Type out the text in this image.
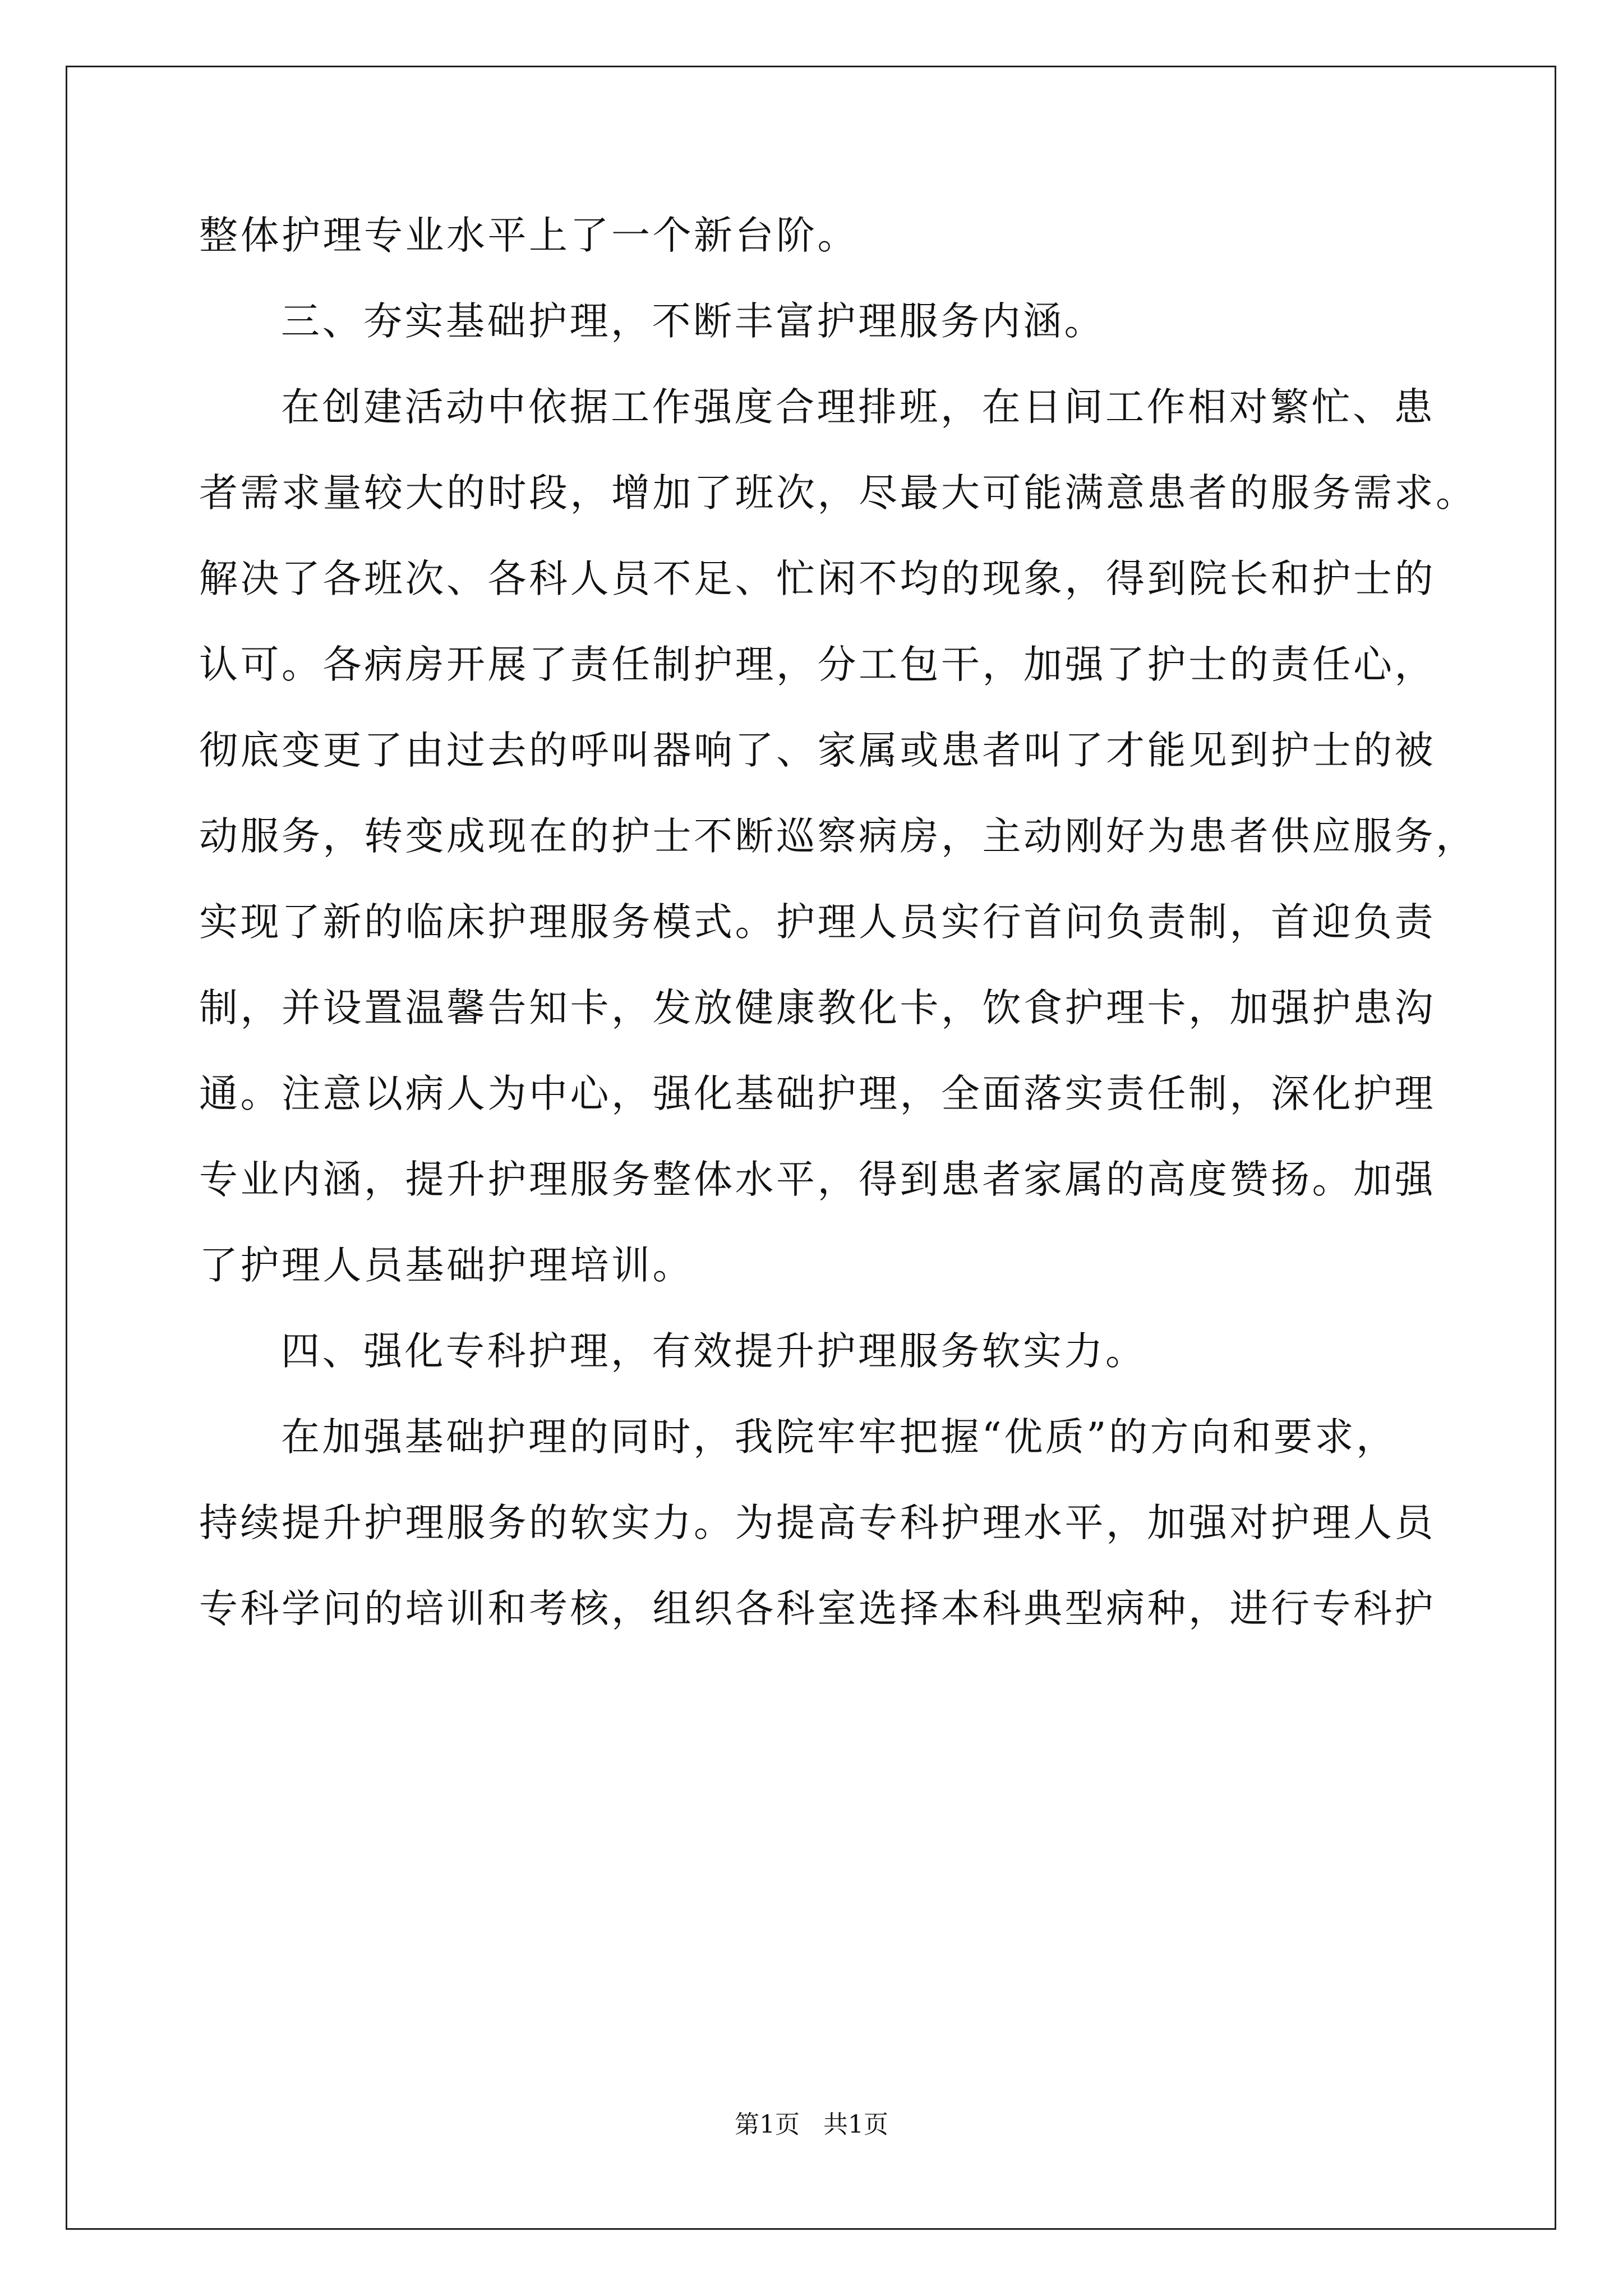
整体护理专业水平上了一个新台阶。
三、夯实基础护理，不断丰富护理服务内涵。
在创建活动中依据工作强度合理排班，在日间工作相对繁忙、患
者需求量较大的时段，增加了班次，尽最大可能满意患者的服务需求。
解决了各班次、各科人员不足、忙闲不均的现象，得到院长和护士的
认可。各病房开展了责任制护理，分工包干，加强了护士的责任心，
彻底变更了由过去的呼叫器响了、家属或患者叫了才能见到护士的被
动服务，转变成现在的护士不断巡察病房，主动刚好为患者供应服务，
实现了新的临床护理服务模式。护理人员实行首问负责制，首迎负责
制，并设置温馨告知卡，发放健康教化卡，饮食护理卡，加强护患沟
通。注意以病人为中心，强化基础护理，全面落实责任制，深化护理
专业内涵，提升护理服务整体水平，得到患者家属的高度赞扬。加强
了护理人员基础护理培训。
四、强化专科护理，有效提升护理服务软实力。
在加强基础护理的同时，我院牢牢把握“优质”的方向和要求，
持续提升护理服务的软实力。为提高专科护理水平，加强对护理人员
专科学问的培训和考核，组织各科室选择本科典型病种，进行专科护
第1页   共1页
